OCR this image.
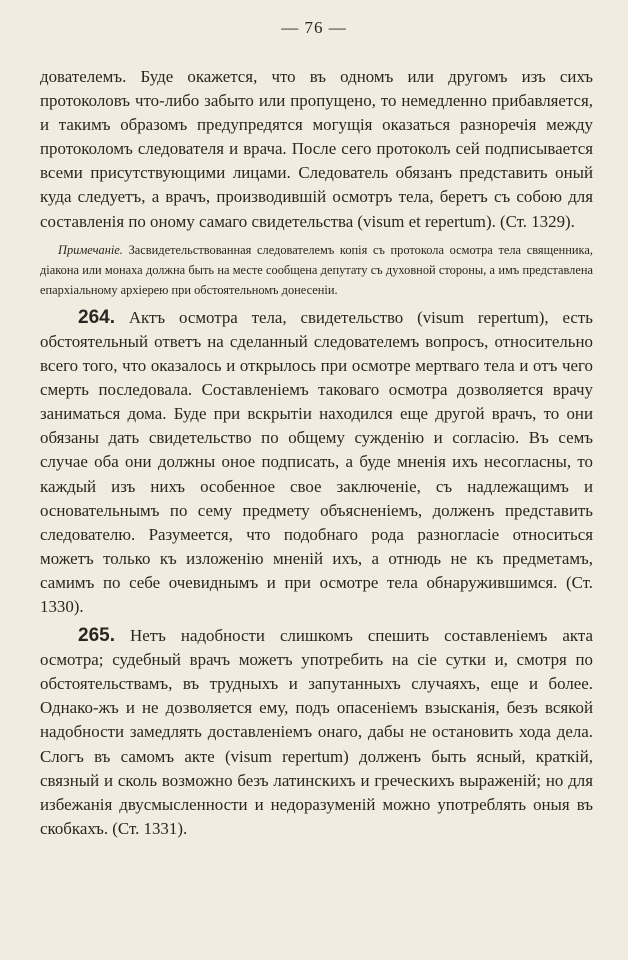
— 76 —

дователемъ. Буде окажется, что въ одномъ или другомъ изъ сихъ протоколовъ что-либо забыто или пропущено, то немедленно прибавляется, и такимъ образомъ предупредятся могущія оказаться разноречія между протоколомъ следователя и врача. После сего протоколъ сей подписывается всеми присутствующими лицами. Следователь обязанъ представить оный куда следуетъ, а врачъ, производившій осмотръ тела, беретъ съ собою для составленія по оному самаго свидетельства (visum et repertum). (Ст. 1329).

Примечаніе. Засвидетельствованная следователемъ копія съ протокола осмотра тела священника, діакона или монаха должна быть на месте сообщена депутату съ духовной стороны, а имъ представлена епархіальному архіерею при обстоятельномъ донесеніи.

264. Актъ осмотра тела, свидетельство (visum repertum), есть обстоятельный ответъ на сделанный следователемъ вопросъ, относительно всего того, что оказалось и открылось при осмотре мертваго тела и отъ чего смерть последовала. Составленіемъ таковаго осмотра дозволяется врачу заниматься дома. Буде при вскрытіи находился еще другой врачъ, то они обязаны дать свидетельство по общему сужденію и согласію. Въ семъ случае оба они должны оное подписать, а буде мненія ихъ несогласны, то каждый изъ нихъ особенное свое заключеніе, съ надлежащимъ и основательнымъ по сему предмету объясненіемъ, долженъ представить следователю. Разумеется, что подобнаго рода разногласіе относиться можетъ только къ изложенію мненій ихъ, а отнюдь не къ предметамъ, самимъ по себе очевиднымъ и при осмотре тела обнаружившимся. (Ст. 1330).

265. Нетъ надобности слишкомъ спешить составленіемъ акта осмотра; судебный врачъ можетъ употребить на сіе сутки и, смотря по обстоятельствамъ, въ трудныхъ и запутанныхъ случаяхъ, еще и более. Однако-жъ и не дозволяется ему, подъ опасеніемъ взысканія, безъ всякой надобности замедлять доставленіемъ онаго, дабы не остановить хода дела. Слогъ въ самомъ акте (visum repertum) долженъ быть ясный, краткій, связный и сколь возможно безъ латинскихъ и греческихъ выраженій; но для избежанія двусмысленности и недоразуменій можно употреблять оныя въ скобкахъ. (Ст. 1331).
